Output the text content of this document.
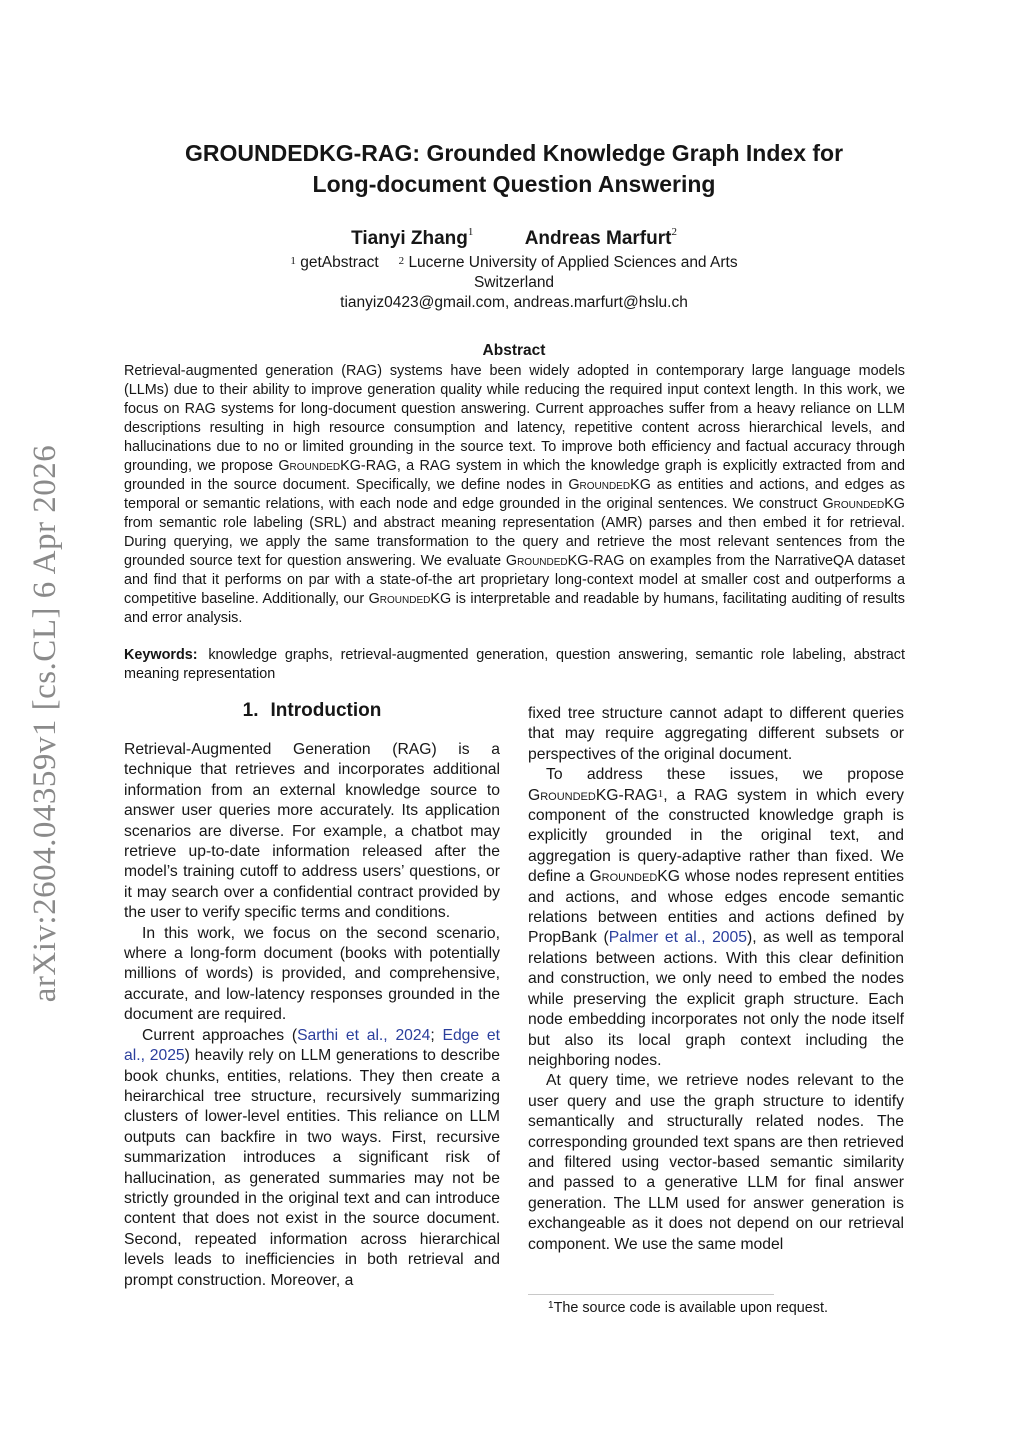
arXiv:2604.04359v1 [cs.CL] 6 Apr 2026
GROUNDEDKG-RAG: Grounded Knowledge Graph Index for
Long-document Question Answering
Tianyi Zhang$^1$	Andreas Marfurt$^2$
$^1$ getAbstract $^2$ Lucerne University of Applied Sciences and Arts
Switzerland
tianyiz0423@gmail.com, andreas.marfurt@hslu.ch
Abstract

Retrieval-augmented generation (RAG) systems have been widely adopted in contemporary large language models (LLMs) due to their ability to improve generation quality while reducing the required input context length. In this work, we focus on RAG systems for long-document question answering. Current approaches suffer from a heavy reliance on LLM descriptions resulting in high resource consumption and latency, repetitive content across hierarchical levels, and hallucinations due to no or limited grounding in the source text. To improve both efficiency and factual accuracy through grounding, we propose GroundedKG-RAG, a RAG system in which the knowledge graph is explicitly extracted from and grounded in the source document. Specifically, we define nodes in GroundedKG as entities and actions, and edges as temporal or semantic relations, with each node and edge grounded in the original sentences. We construct GroundedKG from semantic role labeling (SRL) and abstract meaning representation (AMR) parses and then embed it for retrieval. During querying, we apply the same transformation to the query and retrieve the most relevant sentences from the grounded source text for question answering. We evaluate GroundedKG-RAG on examples from the NarrativeQA dataset and find that it performs on par with a state-of-the art proprietary long-context model at smaller cost and outperforms a competitive baseline. Additionally, our GroundedKG is interpretable and readable by humans, facilitating auditing of results and error analysis.

Keywords: knowledge graphs, retrieval-augmented generation, question answering, semantic role labeling, abstract meaning representation

1. Introduction

Retrieval-Augmented Generation (RAG) is a technique that retrieves and incorporates additional information from an external knowledge source to answer user queries more accurately. Its application scenarios are diverse. For example, a chatbot may retrieve up-to-date information released after the model’s training cutoff to address users’ questions, or it may search over a confidential contract provided by the user to verify specific terms and conditions.

In this work, we focus on the second scenario, where a long-form document (books with potentially millions of words) is provided, and comprehensive, accurate, and low-latency responses grounded in the document are required.

Current approaches (Sarthi et al., 2024; Edge et al., 2025) heavily rely on LLM generations to describe book chunks, entities, relations. They then create a heirarchical tree structure, recursively summarizing clusters of lower-level entities. This reliance on LLM outputs can backfire in two ways. First, recursive summarization introduces a significant risk of hallucination, as generated summaries may not be strictly grounded in the original text and can introduce content that does not exist in the source document. Second, repeated information across hierarchical levels leads to inefficiencies in both retrieval and prompt construction. Moreover, a

fixed tree structure cannot adapt to different queries that may require aggregating different subsets or perspectives of the original document.

To address these issues, we propose GroundedKG-RAG$^1$, a RAG system in which every component of the constructed knowledge graph is explicitly grounded in the original text, and aggregation is query-adaptive rather than fixed. We define a GroundedKG whose nodes represent entities and actions, and whose edges encode semantic relations between entities and actions defined by PropBank (Palmer et al., 2005), as well as temporal relations between actions. With this clear definition and construction, we only need to embed the nodes while preserving the explicit graph structure. Each node embedding incorporates not only the node itself but also its local graph context including the neighboring nodes.

At query time, we retrieve nodes relevant to the user query and use the graph structure to identify semantically and structurally related nodes. The corresponding grounded text spans are then retrieved and filtered using vector-based semantic similarity and passed to a generative LLM for final answer generation. The LLM used for answer generation is exchangeable as it does not depend on our retrieval component. We use the same model

$^1$The source code is available upon request.
